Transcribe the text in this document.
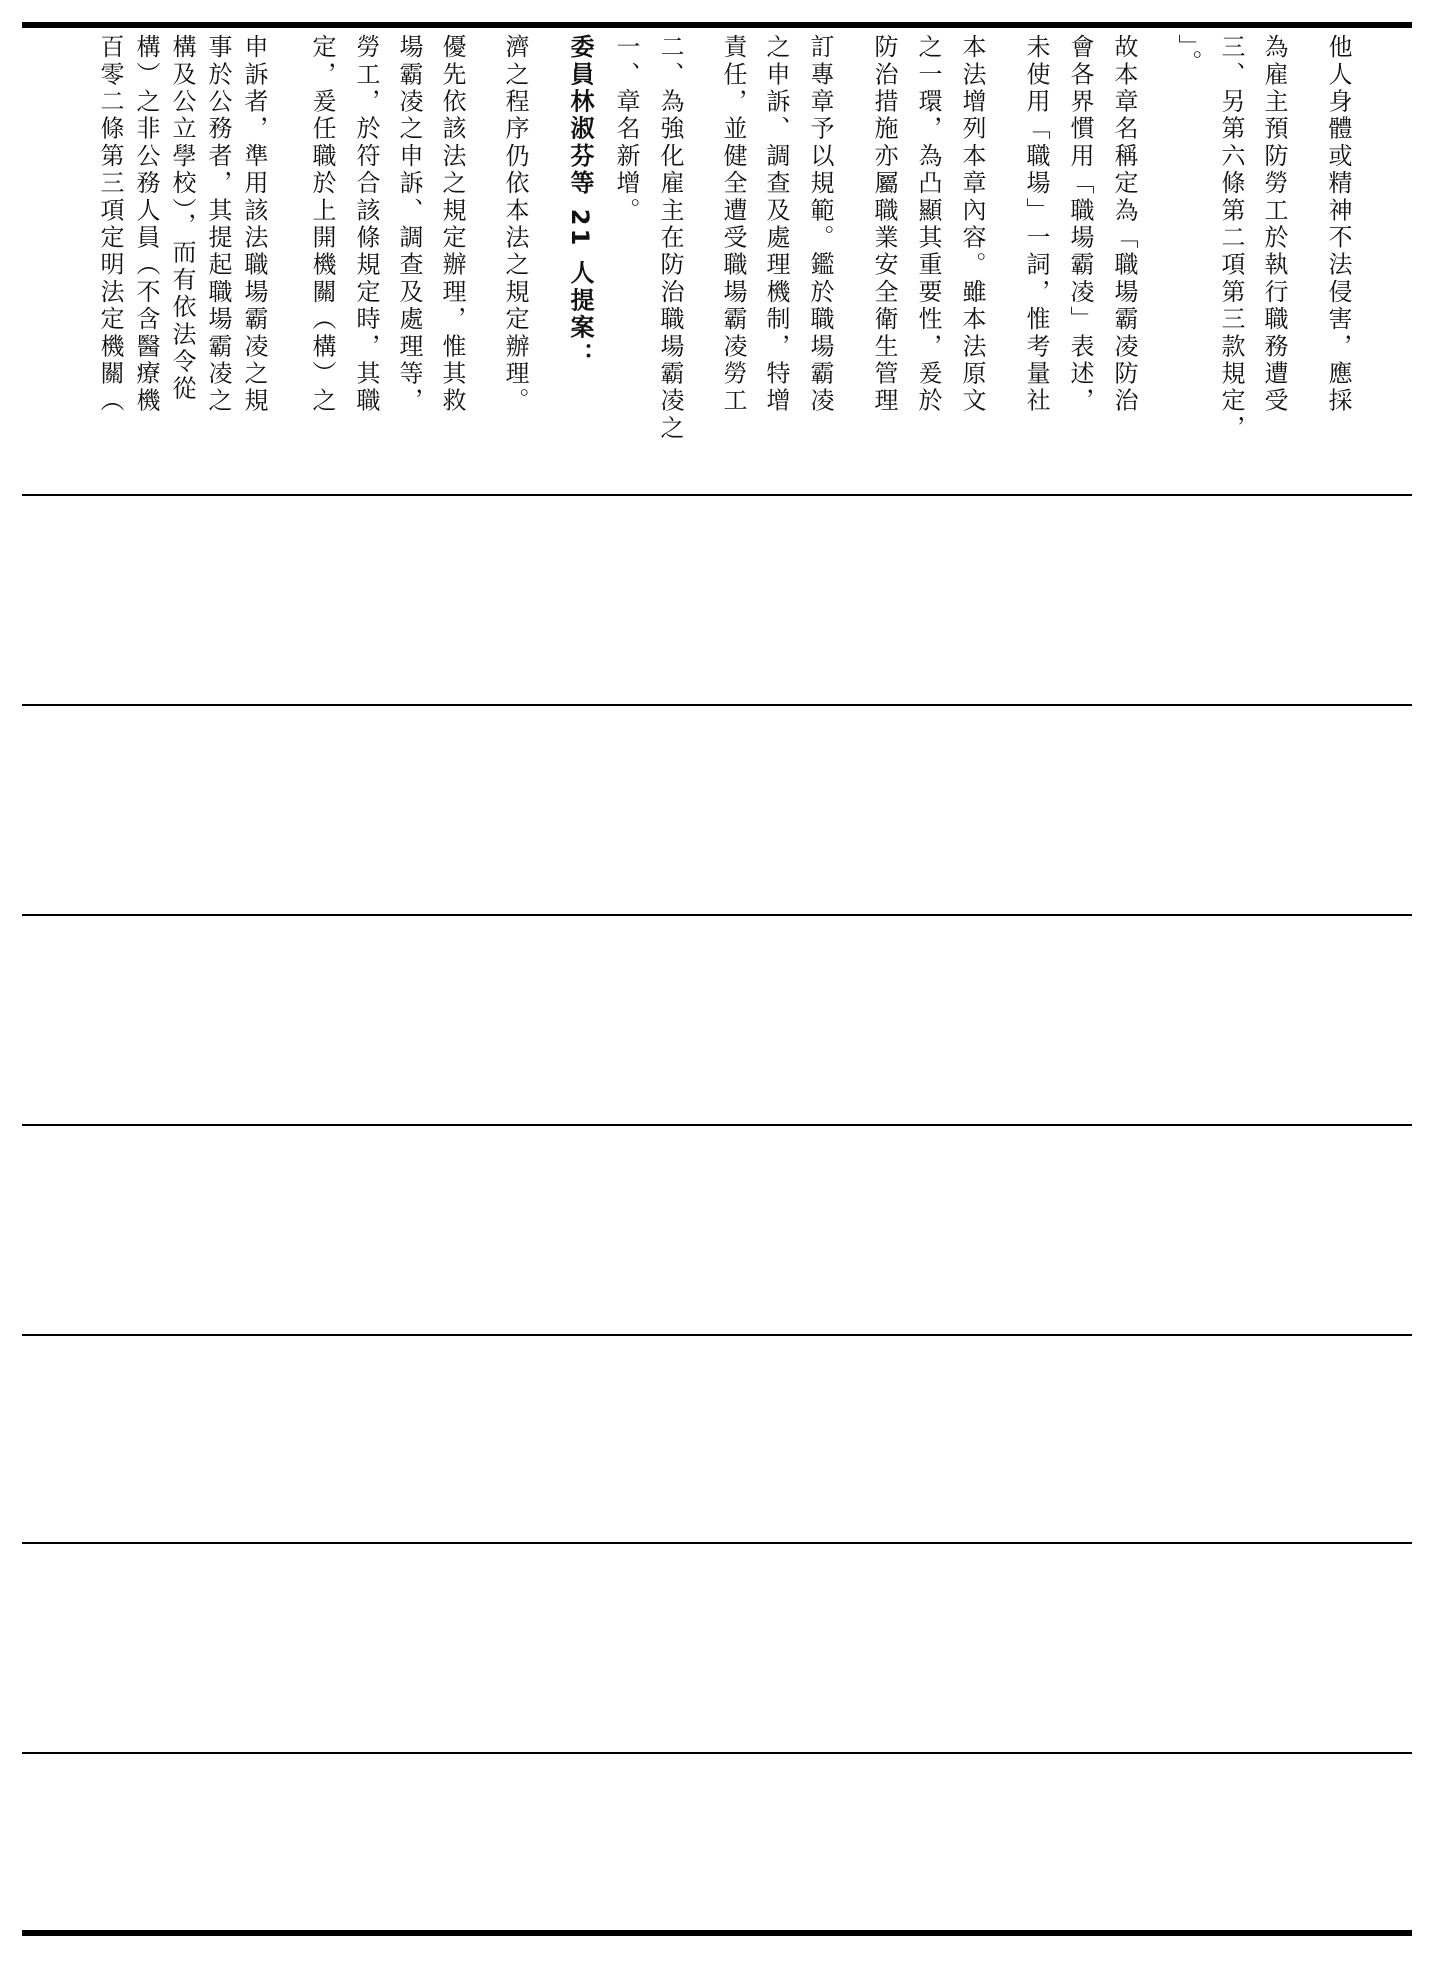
百零二條第三項定明法定機關（ 構）之非公務人員（不含醫療機 構及公立學校），而有依法令從 事於公務者，其提起職場霸凌之 申訴者，準用該法職場霸凌之規 定，爰任職於上開機關（構）之 勞工，於符合該條規定時，其職 場霸凌之申訴、調查及處理等， 優先依該法之規定辦理，惟其救 濟之程序仍依本法之規定辦理。 委員林淑芬等 21 人提案： 一、章名新增。 二、為強化雇主在防治職場霸凌之 責任，並健全遭受職場霸凌勞工 之申訴、調查及處理機制，特增 訂專章予以規範。鑑於職場霸凌 防治措施亦屬職業安全衛生管理 之一環，為凸顯其重要性，爰於 本法增列本章內容。雖本法原文 未使用「職場」一詞，惟考量社 會各界慣用「職場霸凌」表述， 故本章名稱定為「職場霸凌防治 」。 三、另第六條第二項第三款規定， 為雇主預防勞工於執行職務遭受 他人身體或精神不法侵害，應採
